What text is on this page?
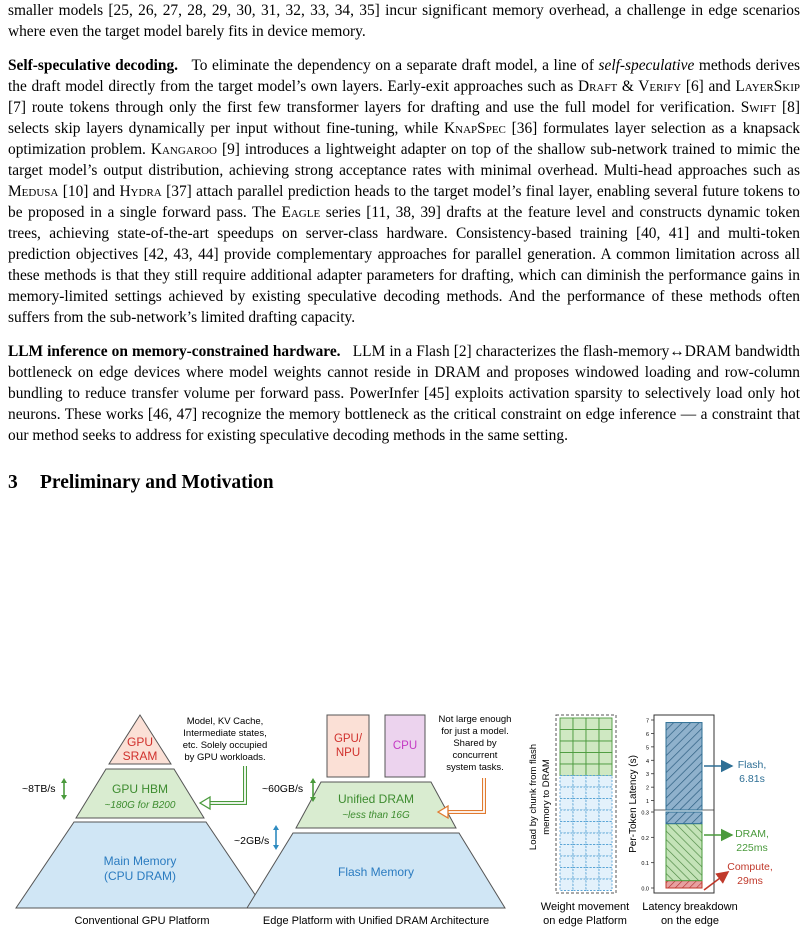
smaller models [25, 26, 27, 28, 29, 30, 31, 32, 33, 34, 35] incur significant memory overhead, a challenge in edge scenarios where even the target model barely fits in device memory.

Self-speculative decoding. To eliminate the dependency on a separate draft model, a line of self-speculative methods derives the draft model directly from the target model’s own layers. Early-exit approaches such as Draft & Verify [6] and LayerSkip [7] route tokens through only the first few transformer layers for drafting and use the full model for verification. Swift [8] selects skip layers dynamically per input without fine-tuning, while KnapSpec [36] formulates layer selection as a knapsack optimization problem. Kangaroo [9] introduces a lightweight adapter on top of the shallow sub-network trained to mimic the target model’s output distribution, achieving strong acceptance rates with minimal overhead. Multi-head approaches such as Medusa [10] and Hydra [37] attach parallel prediction heads to the target model’s final layer, enabling several future tokens to be proposed in a single forward pass. The Eagle series [11, 38, 39] drafts at the feature level and constructs dynamic token trees, achieving state-of-the-art speedups on server-class hardware. Consistency-based training [40, 41] and multi-token prediction objectives [42, 43, 44] provide complementary approaches for parallel generation. A common limitation across all these methods is that they still require additional adapter parameters for drafting, which can diminish the performance gains in memory-limited settings achieved by existing speculative decoding methods. And the performance of these methods often suffers from the sub-network’s limited drafting capacity.

LLM inference on memory-constrained hardware. LLM in a Flash [2] characterizes the flash-memory↔DRAM bandwidth bottleneck on edge devices where model weights cannot reside in DRAM and proposes windowed loading and row-column bundling to reduce transfer volume per forward pass. PowerInfer [45] exploits activation sparsity to selectively load only hot neurons. These works [46, 47] recognize the memory bottleneck as the critical constraint on edge inference — a constraint that our method seeks to address for existing speculative decoding methods in the same setting.

3 Preliminary and Motivation
GPU
SRAM
GPU HBM
~180G for B200
Main Memory
(CPU DRAM)
~8TB/s
Model, KV Cache,
Intermediate states,
etc. Solely occupied
by GPU workloads.
Conventional GPU Platform
GPU/
NPU
CPU
Unified DRAM
~less than 16G
Flash Memory
~60GB/s
~2GB/s
Not large enough
for just a model.
Shared by
concurrent
system tasks.
Edge Platform with Unified DRAM Architecture
Load by chunk from flash memory to DRAM
Weight movement
on edge Platform
Per-Token Latency (s)
7
6
5
4
3
2
1
0.3
0.2
0.1
0.0
Flash,
6.81s
DRAM,
225ms
Compute,
29ms
Latency breakdown
on the edge
